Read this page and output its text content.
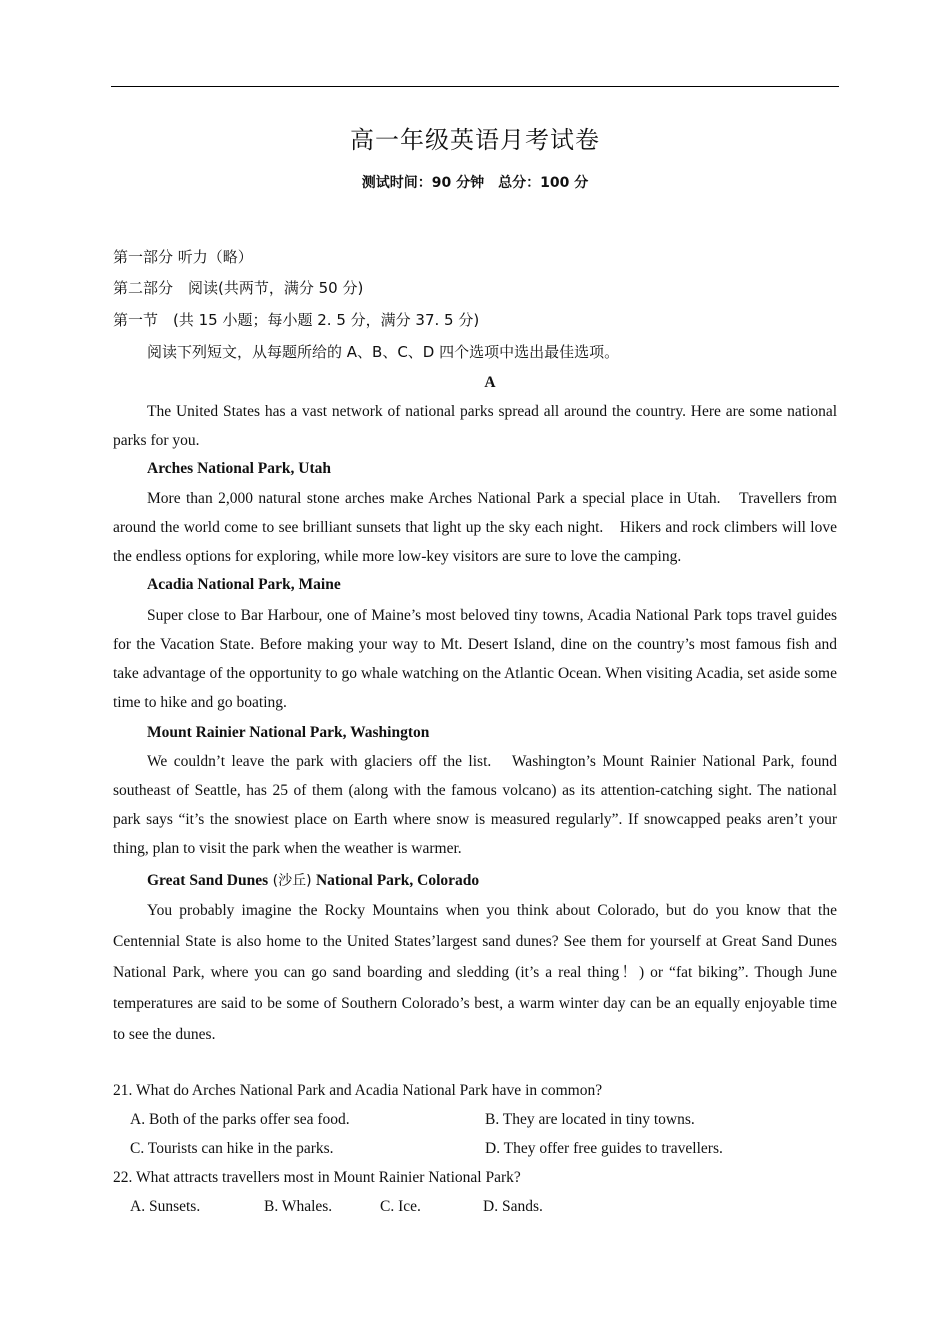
高一年级英语月考试卷
测试时间：90 分钟　总分：100 分
第一部分 听力（略）
第二部分　阅读(共两节，满分 50 分)
第一节　(共 15 小题；每小题 2. 5 分，满分 37. 5 分)
阅读下列短文，从每题所给的 A、B、C、D 四个选项中选出最佳选项。
A
The United States has a vast network of national parks spread all around the country. Here are some national parks for you.
Arches National Park, Utah
More than 2,000 natural stone arches make Arches National Park a special place in Utah.　Travellers from around the world come to see brilliant sunsets that light up the sky each night.　Hikers and rock climbers will love the endless options for exploring, while more low-key visitors are sure to love the camping.
Acadia National Park, Maine
Super close to Bar Harbour, one of Maine’s most beloved tiny towns, Acadia National Park tops travel guides for the Vacation State. Before making your way to Mt. Desert Island, dine on the country’s most famous fish and take advantage of the opportunity to go whale watching on the Atlantic Ocean. When visiting Acadia, set aside some time to hike and go boating.
Mount Rainier National Park, Washington
We couldn’t leave the park with glaciers off the list.　Washington’s Mount Rainier National Park, found southeast of Seattle, has 25 of them (along with the famous volcano) as its attention-catching sight. The national park says “it’s the snowiest place on Earth where snow is measured regularly”. If snowcapped peaks aren’t your thing, plan to visit the park when the weather is warmer.
Great Sand Dunes (沙丘) National Park, Colorado
You probably imagine the Rocky Mountains when you think about Colorado, but do you know that the Centennial State is also home to the United States’largest sand dunes? See them for yourself at Great Sand Dunes National Park, where you can go sand boarding and sledding (it’s a real thing！) or “fat biking”. Though June temperatures are said to be some of Southern Colorado’s best, a warm winter day can be an equally enjoyable time to see the dunes.
21. What do Arches National Park and Acadia National Park have in common?
A. Both of the parks offer sea food.	B. They are located in tiny towns.
C. Tourists can hike in the parks.	D. They offer free guides to travellers.
22. What attracts travellers most in Mount Rainier National Park?
A. Sunsets.	B. Whales.	C. Ice.	D. Sands.
